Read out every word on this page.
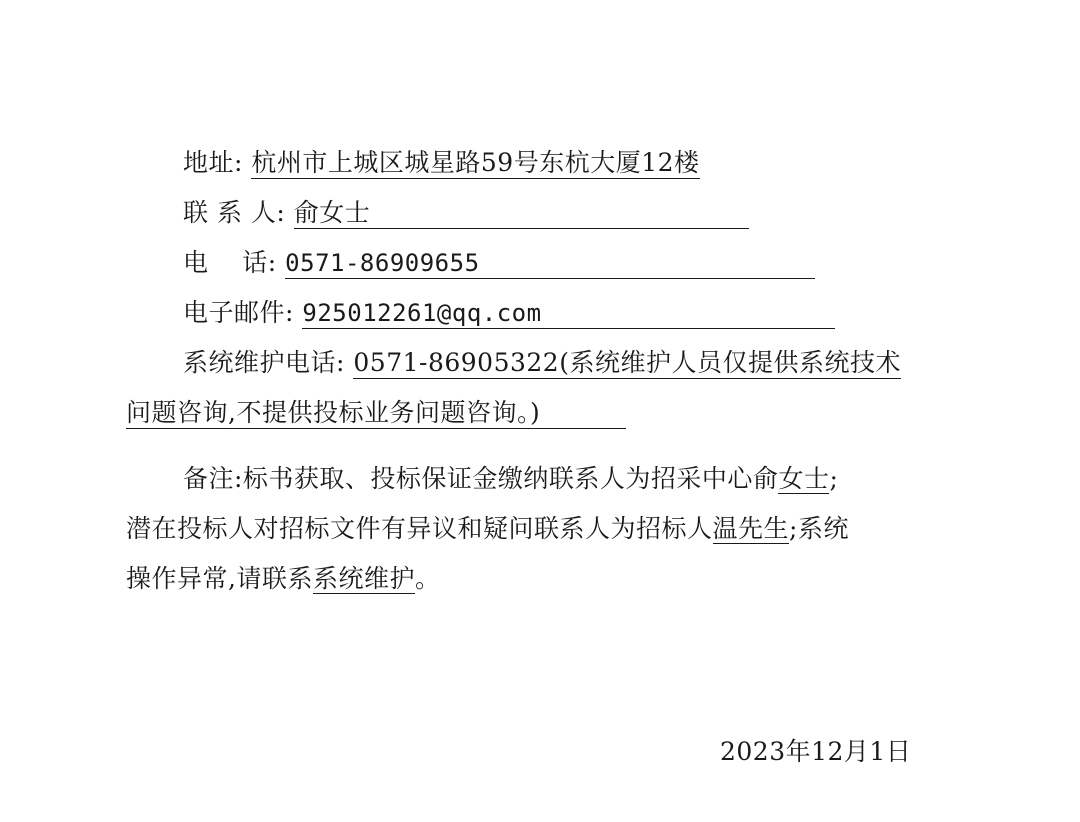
地址: 杭州市上城区城星路59号东杭大厦12楼
联 系 人: 俞女士
电    话: 0571-86909655
电子邮件: 925012261@qq.com
系统维护电话: 0571-86905322(系统维护人员仅提供系统技术
问题咨询,不提供投标业务问题咨询。)
备注:标书获取、投标保证金缴纳联系人为招采中心俞女士;
潜在投标人对招标文件有异议和疑问联系人为招标人温先生;系统
操作异常,请联系系统维护。
2023年12月1日
